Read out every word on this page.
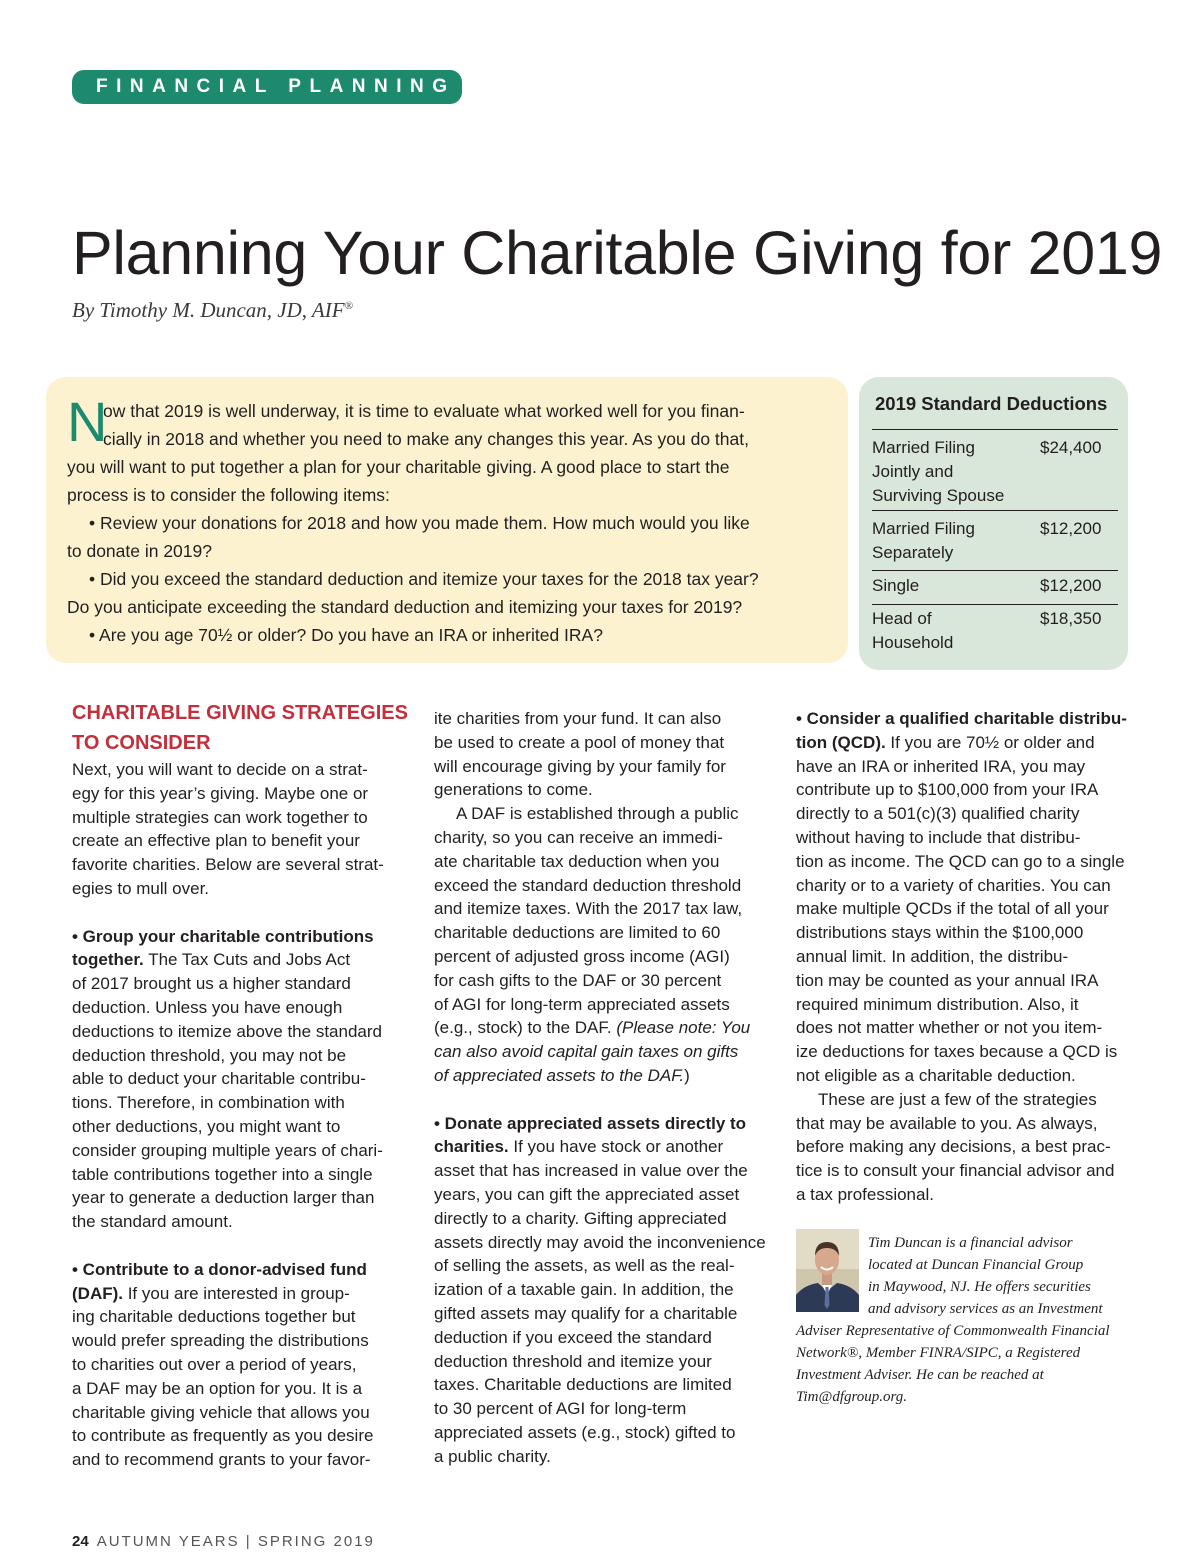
FINANCIAL PLANNING
Planning Your Charitable Giving for 2019

By Timothy M. Duncan, JD, AIF®

N
ow that 2019 is well underway, it is time to evaluate what worked well for you finan-
cially in 2018 and whether you need to make any changes this year. As you do that,
you will want to put together a plan for your charitable giving. A good place to start the
process is to consider the following items:
• Review your donations for 2018 and how you made them. How much would you like
to donate in 2019?
• Did you exceed the standard deduction and itemize your taxes for the 2018 tax year?
Do you anticipate exceeding the standard deduction and itemizing your taxes for 2019?
• Are you age 70½ or older? Do you have an IRA or inherited IRA?
2019 Standard Deductions
Married Filing Jointly and Surviving Spouse
$24,400
Married Filing Separately
$12,200
Single	$12,200
Head of Household
$18,350
CHARITABLE GIVING STRATEGIES
TO CONSIDER
Next, you will want to decide on a strat-
egy for this year’s giving. Maybe one or
multiple strategies can work together to
create an effective plan to benefit your
favorite charities. Below are several strat-
egies to mull over.
• Group your charitable contributions
together. The Tax Cuts and Jobs Act
of 2017 brought us a higher standard
deduction. Unless you have enough
deductions to itemize above the standard
deduction threshold, you may not be
able to deduct your charitable contribu-
tions. Therefore, in combination with
other deductions, you might want to
consider grouping multiple years of chari-
table contributions together into a single
year to generate a deduction larger than
the standard amount.
• Contribute to a donor-advised fund
(DAF). If you are interested in group-
ing charitable deductions together but
would prefer spreading the distributions
to charities out over a period of years,
a DAF may be an option for you. It is a
charitable giving vehicle that allows you
to contribute as frequently as you desire
and to recommend grants to your favor-
ite charities from your fund. It can also
be used to create a pool of money that
will encourage giving by your family for
generations to come.
A DAF is established through a public
charity, so you can receive an immedi-
ate charitable tax deduction when you
exceed the standard deduction threshold
and itemize taxes. With the 2017 tax law,
charitable deductions are limited to 60
percent of adjusted gross income (AGI)
for cash gifts to the DAF or 30 percent
of AGI for long-term appreciated assets
(e.g., stock) to the DAF. (Please note: You
can also avoid capital gain taxes on gifts
of appreciated assets to the DAF.)
• Donate appreciated assets directly to
charities. If you have stock or another
asset that has increased in value over the
years, you can gift the appreciated asset
directly to a charity. Gifting appreciated
assets directly may avoid the inconvenience
of selling the assets, as well as the real-
ization of a taxable gain. In addition, the
gifted assets may qualify for a charitable
deduction if you exceed the standard
deduction threshold and itemize your
taxes. Charitable deductions are limited
to 30 percent of AGI for long-term
appreciated assets (e.g., stock) gifted to
a public charity.
• Consider a qualified charitable distribu-
tion (QCD). If you are 70½ or older and
have an IRA or inherited IRA, you may
contribute up to $100,000 from your IRA
directly to a 501(c)(3) qualified charity
without having to include that distribu-
tion as income. The QCD can go to a single
charity or to a variety of charities. You can
make multiple QCDs if the total of all your
distributions stays within the $100,000
annual limit. In addition, the distribu-
tion may be counted as your annual IRA
required minimum distribution. Also, it
does not matter whether or not you item-
ize deductions for taxes because a QCD is
not eligible as a charitable deduction.
These are just a few of the strategies
that may be available to you. As always,
before making any decisions, a best prac-
tice is to consult your financial advisor and
a tax professional.
Tim Duncan is a financial advisor
located at Duncan Financial Group
in Maywood, NJ. He offers securities
and advisory services as an Investment
Adviser Representative of Commonwealth Financial
Network®, Member FINRA/SIPC, a Registered
Investment Adviser. He can be reached at
Tim@dfgroup.org.
24 AUTUMN YEARS | SPRING 2019
